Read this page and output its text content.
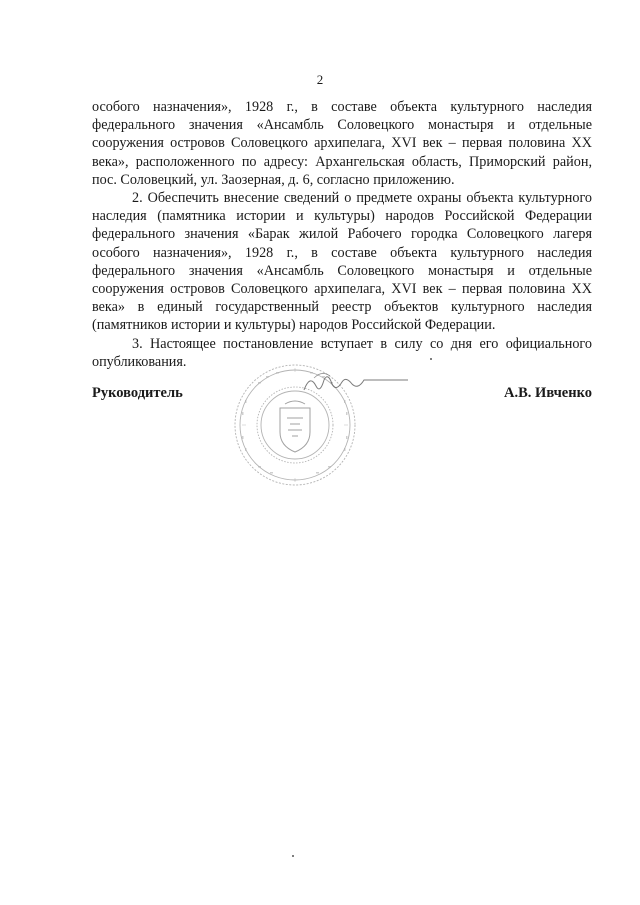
2

особого назначения», 1928 г., в составе объекта культурного наследия федерального значения «Ансамбль Соловецкого монастыря и отдельные сооружения островов Соловецкого архипелага, XVI век – первая половина XX века», расположенного по адресу: Архангельская область, Приморский район, пос. Соловецкий, ул. Заозерная, д. 6, согласно приложению.

2. Обеспечить внесение сведений о предмете охраны объекта культурного наследия (памятника истории и культуры) народов Российской Федерации федерального значения «Барак жилой Рабочего городка Соловецкого лагеря особого назначения», 1928 г., в составе объекта культурного наследия федерального значения «Ансамбль Соловецкого монастыря и отдельные сооружения островов Соловецкого архипелага, XVI век – первая половина XX века» в единый государственный реестр объектов культурного наследия (памятников истории и культуры) народов Российской Федерации.

3. Настоящее постановление вступает в силу со дня его официального опубликования.

Руководитель	А.В. Ивченко
